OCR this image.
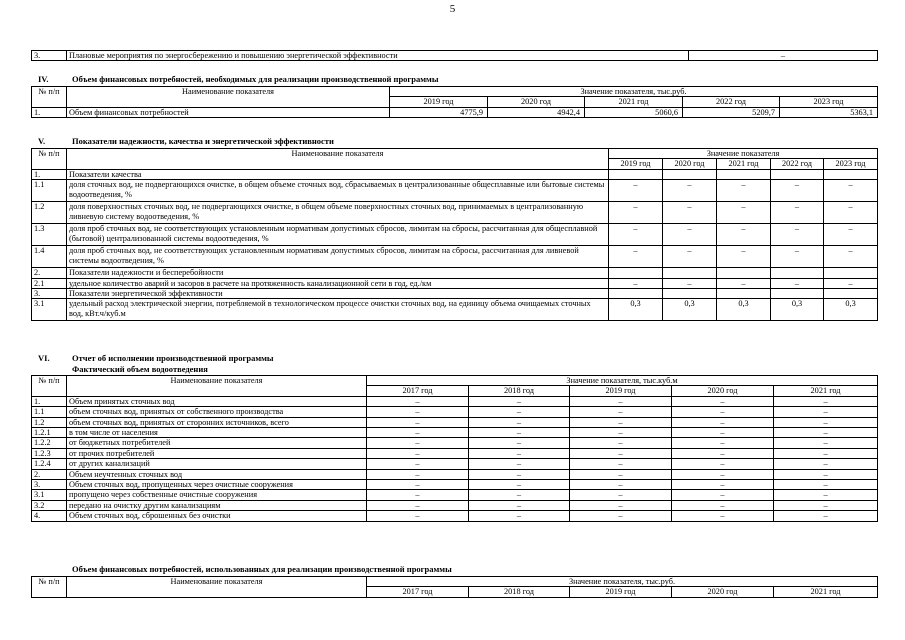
5
3.	Плановые мероприятия по энергосбережению и повышению энергетической эффективности	–
IV.	Объем финансовых потребностей, необходимых для реализации производственной программы
№ п/п	Наименование показателя	Значение показателя, тыс.руб.				
		2019 год	2020 год	2021 год	2022 год	2023 год
1.	Объем финансовых потребностей	4775,9	4942,4	5060,6	5209,7	5363,1
V.	Показатели надежности, качества и энергетической эффективности
№ п/п	Наименование показателя	Значение показателя				
		2019 год	2020 год	2021 год	2022 год	2023 год
1.	Показатели качества					
1.1	доля сточных вод, не подвергающихся очистке, в общем объеме сточных вод, сбрасываемых в централизованные общесплавные или бытовые системы водоотведения, %	–	–	–	–	–
1.2	доля поверхностных сточных вод, не подвергающихся очистке, в общем объеме поверхностных сточных вод, принимаемых в централизованную ливневую систему водоотведения, %	–	–	–	–	–
1.3	доля проб сточных вод, не соответствующих установленным нормативам допустимых сбросов, лимитам на сбросы, рассчитанная для общесплавной (бытовой) централизованной системы водоотведения, %	–	–	–	–	–
1.4	доля проб сточных вод, не соответствующих установленным нормативам допустимых сбросов, лимитам на сбросы, рассчитанная для ливневой системы водоотведения, %	–	–	–	–	–
2.	Показатели надежности и бесперебойности					
2.1	удельное количество аварий и засоров в расчете на протяженность канализационной сети в год, ед./км	–	–	–	–	–
3.	Показатели энергетической эффективности					
3.1	удельный расход электрической энергии, потребляемой в технологическом процессе очистки сточных вод, на единицу объема очищаемых сточных вод, кВт.ч/куб.м	0,3	0,3	0,3	0,3	0,3
VI.	Отчет об исполнении производственной программы
Фактический объем водоотведения
№ п/п	Наименование показателя	Значение показателя, тыс.куб.м				
		2017 год	2018 год	2019 год	2020 год	2021 год
1.	Объем принятых сточных вод	–	–	–	–	–
1.1	объем сточных вод, принятых от собственного производства	–	–	–	–	–
1.2	объем сточных вод, принятых от сторонних источников, всего	–	–	–	–	–
1.2.1	в том числе от населения	–	–	–	–	–
1.2.2	от бюджетных потребителей	–	–	–	–	–
1.2.3	от прочих потребителей	–	–	–	–	–
1.2.4	от других канализаций	–	–	–	–	–
2.	Объем неучтенных сточных вод	–	–	–	–	–
3.	Объем сточных вод, пропущенных через очистные сооружения	–	–	–	–	–
3.1	пропущено через собственные очистные сооружения	–	–	–	–	–
3.2	передано на очистку другим канализациям	–	–	–	–	–
4.	Объем сточных вод, сброшенных без очистки	–	–	–	–	–
Объем финансовых потребностей, использованных для реализации производственной программы
№ п/п	Наименование показателя	Значение показателя, тыс.руб.				
		2017 год	2018 год	2019 год	2020 год	2021 год
